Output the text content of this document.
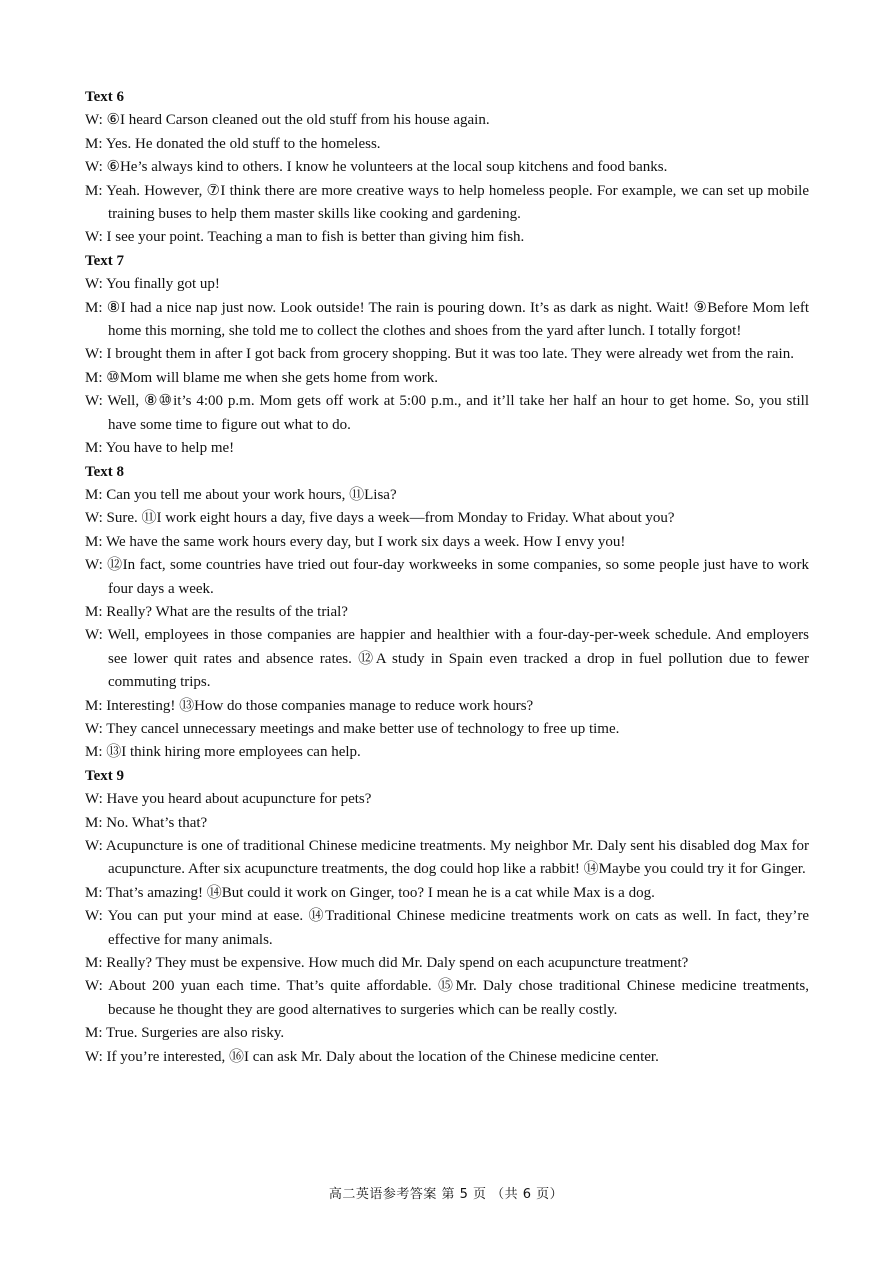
Text 6

W: ⑥I heard Carson cleaned out the old stuff from his house again.

M: Yes. He donated the old stuff to the homeless.

W: ⑥He’s always kind to others. I know he volunteers at the local soup kitchens and food banks.

M: Yeah. However, ⑦I think there are more creative ways to help homeless people. For example, we can set up mobile training buses to help them master skills like cooking and gardening.

W: I see your point. Teaching a man to fish is better than giving him fish.

Text 7

W: You finally got up!

M: ⑧I had a nice nap just now. Look outside! The rain is pouring down. It’s as dark as night. Wait! ⑨Before Mom left home this morning, she told me to collect the clothes and shoes from the yard after lunch. I totally forgot!

W: I brought them in after I got back from grocery shopping. But it was too late. They were already wet from the rain.

M: ⑩Mom will blame me when she gets home from work.

W: Well, ⑧⑩it’s 4:00 p.m. Mom gets off work at 5:00 p.m., and it’ll take her half an hour to get home. So, you still have some time to figure out what to do.

M: You have to help me!

Text 8

M: Can you tell me about your work hours, ⑪Lisa?

W: Sure. ⑪I work eight hours a day, five days a week—from Monday to Friday. What about you?

M: We have the same work hours every day, but I work six days a week. How I envy you!

W: ⑫In fact, some countries have tried out four-day workweeks in some companies, so some people just have to work four days a week.

M: Really? What are the results of the trial?

W: Well, employees in those companies are happier and healthier with a four-day-per-week schedule. And employers see lower quit rates and absence rates. ⑫A study in Spain even tracked a drop in fuel pollution due to fewer commuting trips.

M: Interesting! ⑬How do those companies manage to reduce work hours?

W: They cancel unnecessary meetings and make better use of technology to free up time.

M: ⑬I think hiring more employees can help.

Text 9

W: Have you heard about acupuncture for pets?

M: No. What’s that?

W: Acupuncture is one of traditional Chinese medicine treatments. My neighbor Mr. Daly sent his disabled dog Max for acupuncture. After six acupuncture treatments, the dog could hop like a rabbit! ⑭Maybe you could try it for Ginger.

M: That’s amazing! ⑭But could it work on Ginger, too? I mean he is a cat while Max is a dog.

W: You can put your mind at ease. ⑭Traditional Chinese medicine treatments work on cats as well. In fact, they’re effective for many animals.

M: Really? They must be expensive. How much did Mr. Daly spend on each acupuncture treatment?

W: About 200 yuan each time. That’s quite affordable. ⑮Mr. Daly chose traditional Chinese medicine treatments, because he thought they are good alternatives to surgeries which can be really costly.

M: True. Surgeries are also risky.

W: If you’re interested, ⑯I can ask Mr. Daly about the location of the Chinese medicine center.

高二英语参考答案 第 5 页 （共 6 页）
